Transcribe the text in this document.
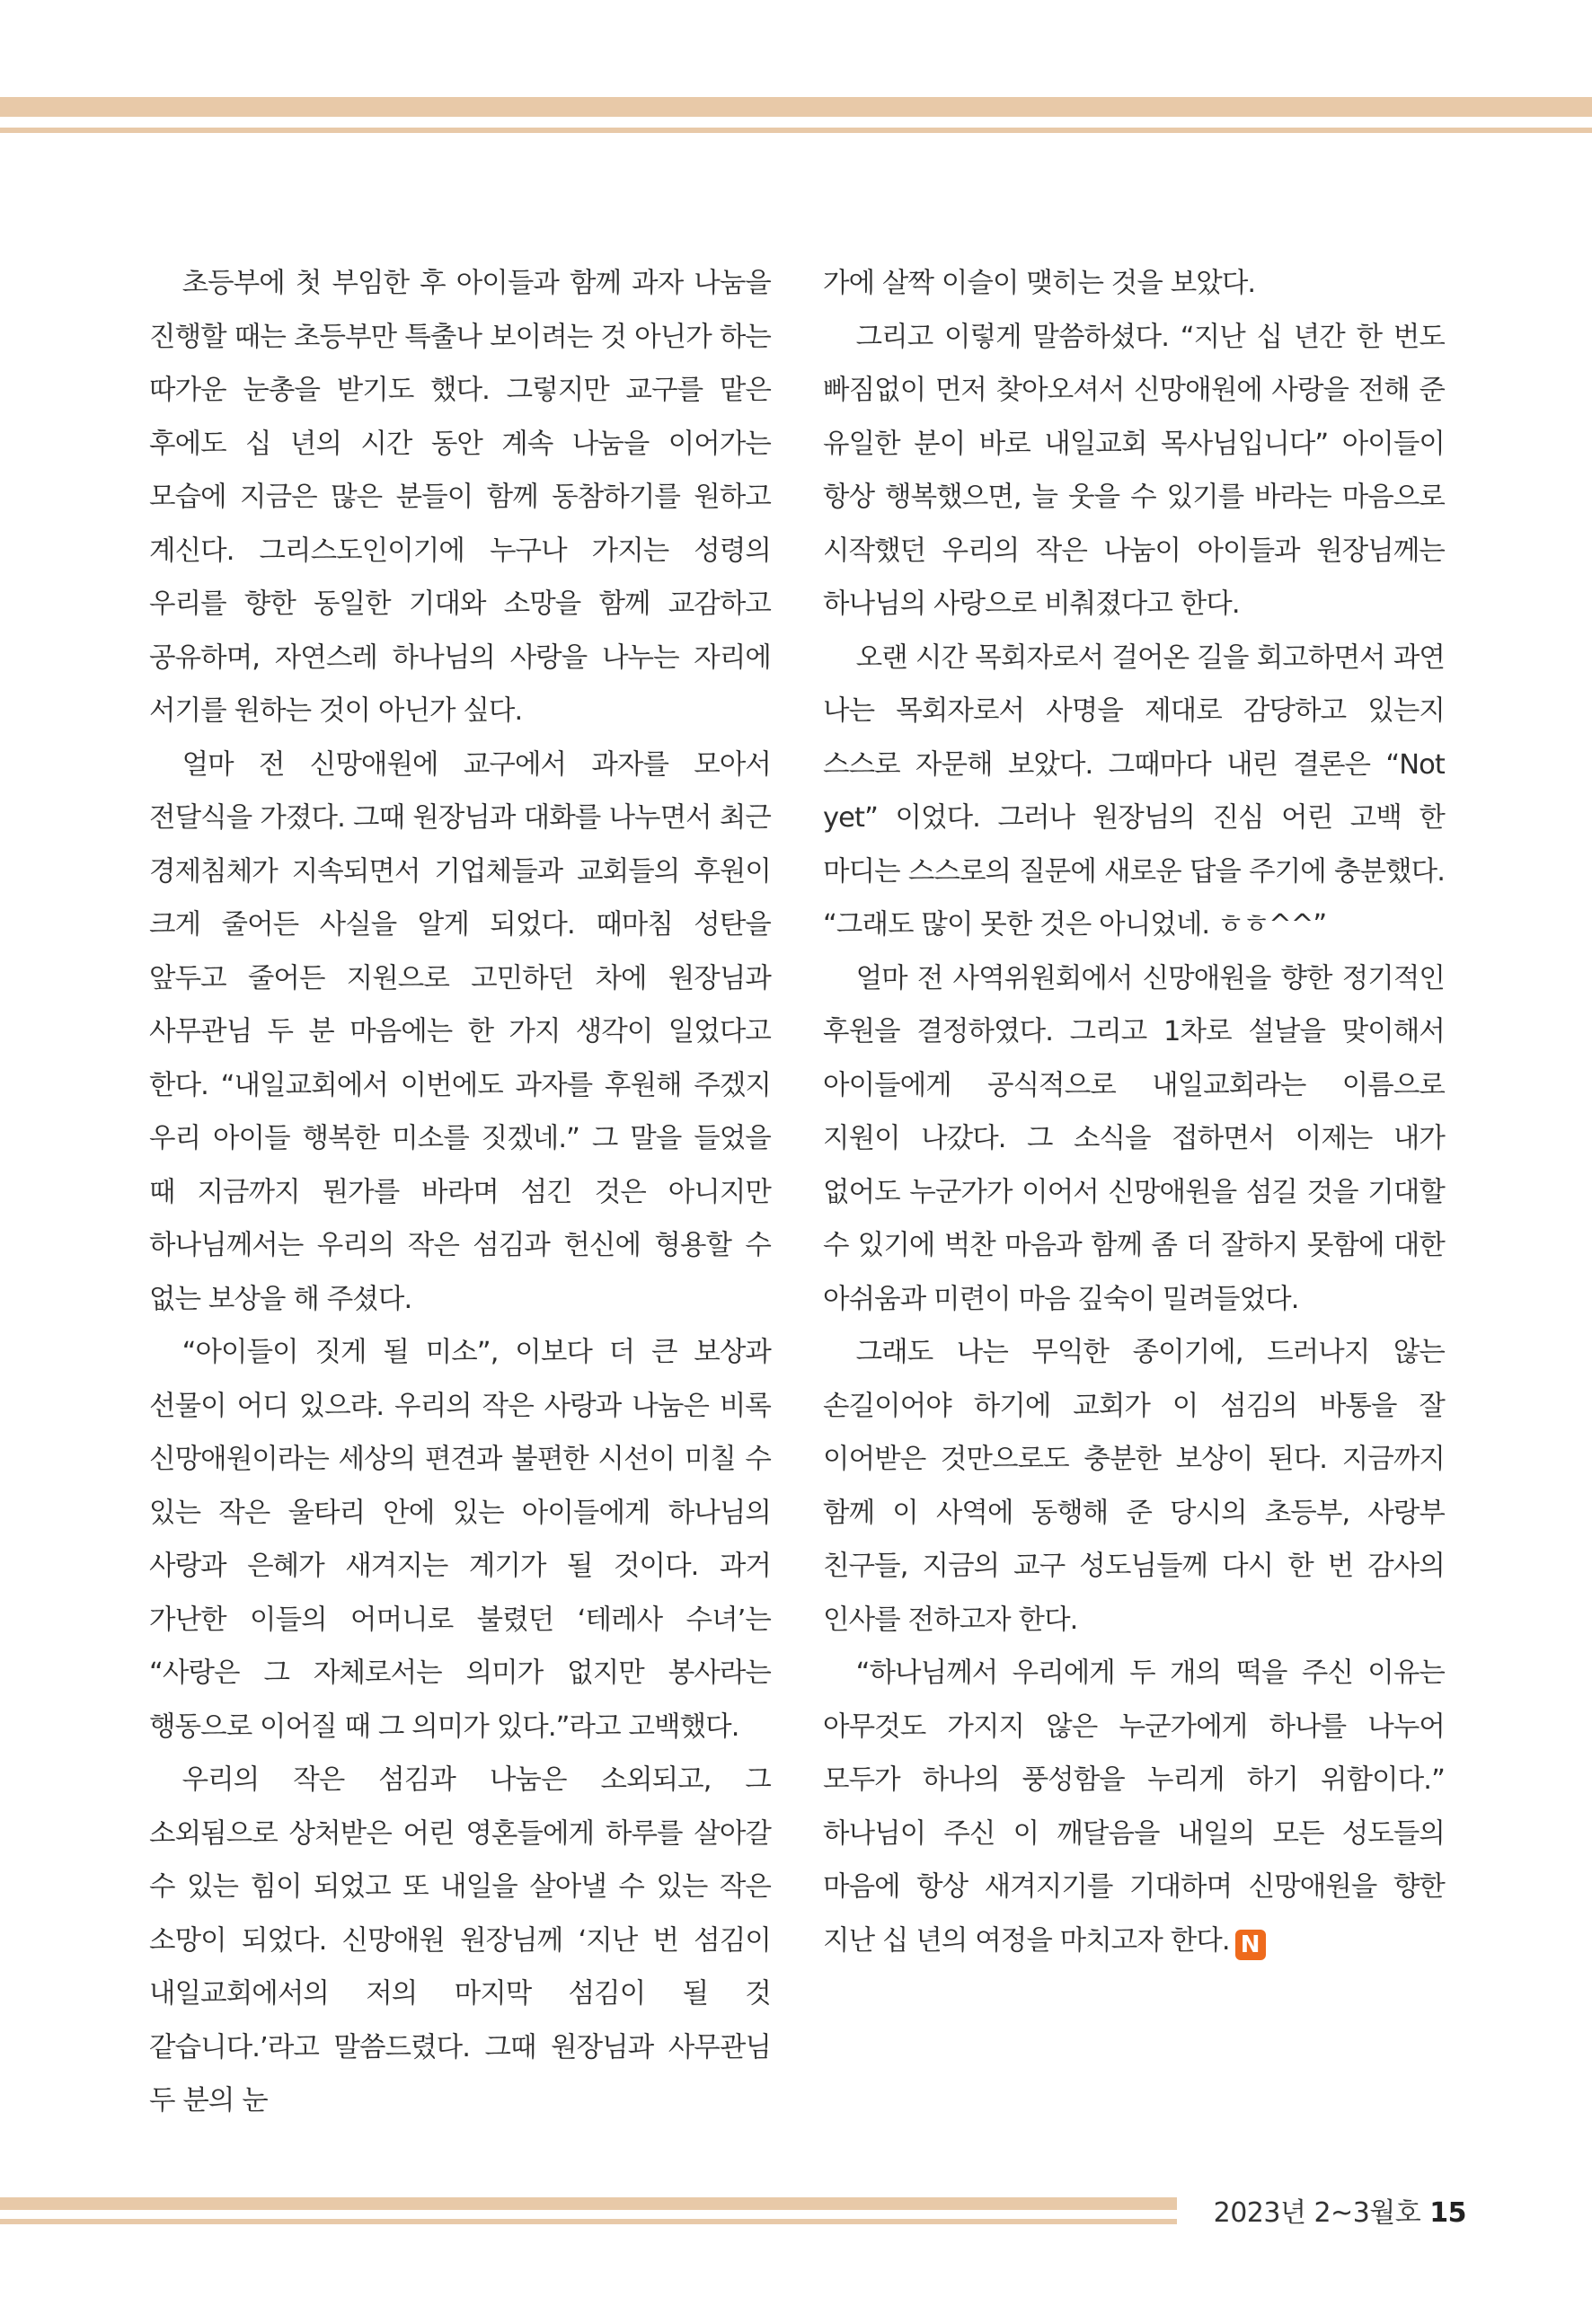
초등부에 첫 부임한 후 아이들과 함께 과자 나눔을 진행할 때는 초등부만 특출나 보이려는 것 아닌가 하는 따가운 눈총을 받기도 했다. 그렇지만 교구를 맡은 후에도 십 년의 시간 동안 계속 나눔을 이어가는 모습에 지금은 많은 분들이 함께 동참하기를 원하고 계신다. 그리스도인이기에 누구나 가지는 성령의 우리를 향한 동일한 기대와 소망을 함께 교감하고 공유하며, 자연스레 하나님의 사랑을 나누는 자리에 서기를 원하는 것이 아닌가 싶다.

얼마 전 신망애원에 교구에서 과자를 모아서 전달식을 가졌다. 그때 원장님과 대화를 나누면서 최근 경제침체가 지속되면서 기업체들과 교회들의 후원이 크게 줄어든 사실을 알게 되었다. 때마침 성탄을 앞두고 줄어든 지원으로 고민하던 차에 원장님과 사무관님 두 분 마음에는 한 가지 생각이 일었다고 한다. “내일교회에서 이번에도 과자를 후원해 주겠지 우리 아이들 행복한 미소를 짓겠네.” 그 말을 들었을 때 지금까지 뭔가를 바라며 섬긴 것은 아니지만 하나님께서는 우리의 작은 섬김과 헌신에 형용할 수 없는 보상을 해 주셨다.

“아이들이 짓게 될 미소”, 이보다 더 큰 보상과 선물이 어디 있으랴. 우리의 작은 사랑과 나눔은 비록 신망애원이라는 세상의 편견과 불편한 시선이 미칠 수 있는 작은 울타리 안에 있는 아이들에게 하나님의 사랑과 은혜가 새겨지는 계기가 될 것이다. 과거 가난한 이들의 어머니로 불렸던 ‘테레사 수녀’는 “사랑은 그 자체로서는 의미가 없지만 봉사라는 행동으로 이어질 때 그 의미가 있다.”라고 고백했다.

우리의 작은 섬김과 나눔은 소외되고, 그 소외됨으로 상처받은 어린 영혼들에게 하루를 살아갈 수 있는 힘이 되었고 또 내일을 살아낼 수 있는 작은 소망이 되었다. 신망애원 원장님께 ‘지난 번 섬김이 내일교회에서의 저의 마지막 섬김이 될 것 같습니다.’라고 말씀드렸다. 그때 원장님과 사무관님 두 분의 눈

가에 살짝 이슬이 맺히는 것을 보았다.

그리고 이렇게 말씀하셨다. “지난 십 년간 한 번도 빠짐없이 먼저 찾아오셔서 신망애원에 사랑을 전해 준 유일한 분이 바로 내일교회 목사님입니다” 아이들이 항상 행복했으면, 늘 웃을 수 있기를 바라는 마음으로 시작했던 우리의 작은 나눔이 아이들과 원장님께는 하나님의 사랑으로 비춰졌다고 한다.

오랜 시간 목회자로서 걸어온 길을 회고하면서 과연 나는 목회자로서 사명을 제대로 감당하고 있는지 스스로 자문해 보았다. 그때마다 내린 결론은 “Not yet” 이었다. 그러나 원장님의 진심 어린 고백 한 마디는 스스로의 질문에 새로운 답을 주기에 충분했다. “그래도 많이 못한 것은 아니었네. ㅎㅎ^^”

얼마 전 사역위원회에서 신망애원을 향한 정기적인 후원을 결정하였다. 그리고 1차로 설날을 맞이해서 아이들에게 공식적으로 내일교회라는 이름으로 지원이 나갔다. 그 소식을 접하면서 이제는 내가 없어도 누군가가 이어서 신망애원을 섬길 것을 기대할 수 있기에 벅찬 마음과 함께 좀 더 잘하지 못함에 대한 아쉬움과 미련이 마음 깊숙이 밀려들었다.

그래도 나는 무익한 종이기에, 드러나지 않는 손길이어야 하기에 교회가 이 섬김의 바통을 잘 이어받은 것만으로도 충분한 보상이 된다. 지금까지 함께 이 사역에 동행해 준 당시의 초등부, 사랑부 친구들, 지금의 교구 성도님들께 다시 한 번 감사의 인사를 전하고자 한다.

“하나님께서 우리에게 두 개의 떡을 주신 이유는 아무것도 가지지 않은 누군가에게 하나를 나누어 모두가 하나의 풍성함을 누리게 하기 위함이다.” 하나님이 주신 이 깨달음을 내일의 모든 성도들의 마음에 항상 새겨지기를 기대하며 신망애원을 향한 지난 십 년의 여정을 마치고자 한다. N

2023년 2~3월호 15
